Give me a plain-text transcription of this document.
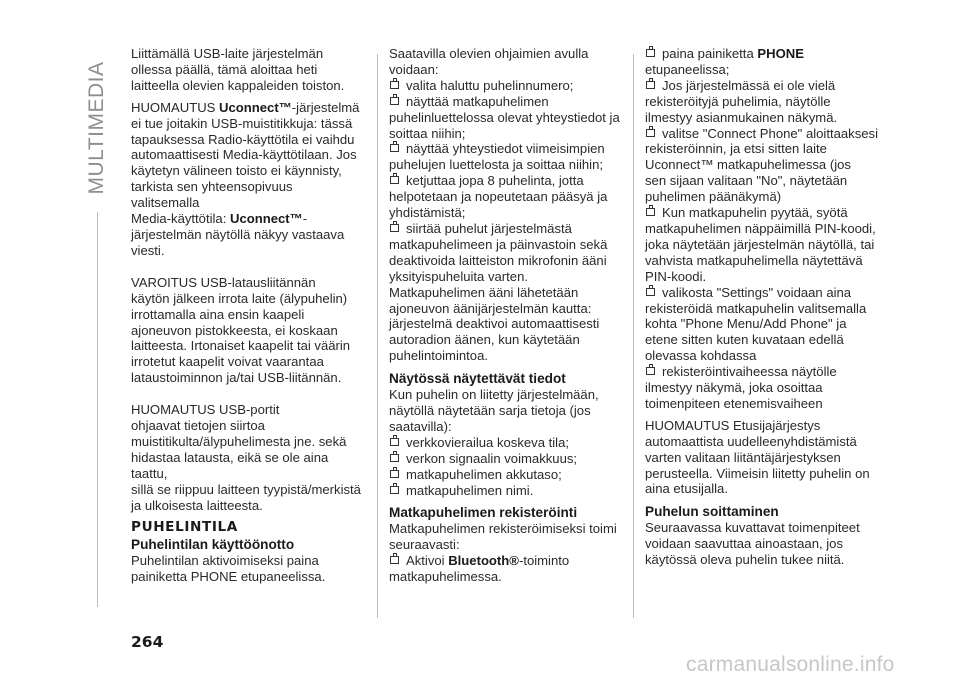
MULTIMEDIA

Liittämällä USB-laite järjestelmän
ollessa päällä, tämä aloittaa heti
laitteella olevien kappaleiden toiston.

HUOMAUTUS Uconnect™-järjestelmä
ei tue joitakin USB-muistitikkuja: tässä
tapauksessa Radio-käyttötila ei vaihdu
automaattisesti Media-käyttötilaan. Jos
käytetyn välineen toisto ei käynnisty,
tarkista sen yhteensopivuus valitsemalla
Media-käyttötila: Uconnect™-
järjestelmän näytöllä näkyy vastaava
viesti.

VAROITUS USB-latausliitännän
käytön jälkeen irrota laite (älypuhelin)
irrottamalla aina ensin kaapeli
ajoneuvon pistokkeesta, ei koskaan
laitteesta. Irtonaiset kaapelit tai väärin
irrotetut kaapelit voivat vaarantaa
lataustoiminnon ja/tai USB-liitännän.

HUOMAUTUS USB-portit
ohjaavat tietojen siirtoa
muistitikulta/älypuhelimesta jne. sekä
hidastaa latausta, eikä se ole aina taattu,
sillä se riippuu laitteen tyypistä/merkistä
ja ulkoisesta laitteesta.

PUHELINTILA
Puhelintilan käyttöönotto

Puhelintilan aktivoimiseksi paina
painiketta PHONE etupaneelissa.

Saatavilla olevien ohjaimien avulla
voidaan:

valita haluttu puhelinnumero;
näyttää matkapuhelimen
puhelinluettelossa olevat yhteystiedot ja
soittaa niihin;
näyttää yhteystiedot viimeisimpien
puhelujen luettelosta ja soittaa niihin;
ketjuttaa jopa 8 puhelinta, jotta
helpotetaan ja nopeutetaan pääsyä ja
yhdistämistä;
siirtää puhelut järjestelmästä
matkapuhelimeen ja päinvastoin sekä
deaktivoida laitteiston mikrofonin ääni
yksityispuheluita varten.

Matkapuhelimen ääni lähetetään
ajoneuvon äänijärjestelmän kautta:
järjestelmä deaktivoi automaattisesti
autoradion äänen, kun käytetään
puhelintoimintoa.

Näytössä näytettävät tiedot

Kun puhelin on liitetty järjestelmään,
näytöllä näytetään sarja tietoja (jos
saatavilla):

verkkovierailua koskeva tila;
verkon signaalin voimakkuus;
matkapuhelimen akkutaso;
matkapuhelimen nimi.
Matkapuhelimen rekisteröinti

Matkapuhelimen rekisteröimiseksi toimi
seuraavasti:

Aktivoi Bluetooth®-toiminto
matkapuhelimessa.
paina painiketta PHONE
etupaneelissa;
Jos järjestelmässä ei ole vielä
rekisteröityjä puhelimia, näytölle
ilmestyy asianmukainen näkymä.
valitse "Connect Phone" aloittaaksesi
rekisteröinnin, ja etsi sitten laite
Uconnect™ matkapuhelimessa (jos
sen sijaan valitaan "No", näytetään
puhelimen päänäkymä)
Kun matkapuhelin pyytää, syötä
matkapuhelimen näppäimillä PIN-koodi,
joka näytetään järjestelmän näytöllä, tai
vahvista matkapuhelimella näytettävä
PIN-koodi.
valikosta "Settings" voidaan aina
rekisteröidä matkapuhelin valitsemalla
kohta "Phone Menu/Add Phone" ja
etene sitten kuten kuvataan edellä
olevassa kohdassa
rekisteröintivaiheessa näytölle
ilmestyy näkymä, joka osoittaa
toimenpiteen etenemisvaiheen

HUOMAUTUS Etusijajärjestys
automaattista uudelleenyhdistämistä
varten valitaan liitäntäjärjestyksen
perusteella. Viimeisin liitetty puhelin on
aina etusijalla.

Puhelun soittaminen

Seuraavassa kuvattavat toimenpiteet
voidaan saavuttaa ainoastaan, jos
käytössä oleva puhelin tukee niitä.

264
carmanualsonline.info
